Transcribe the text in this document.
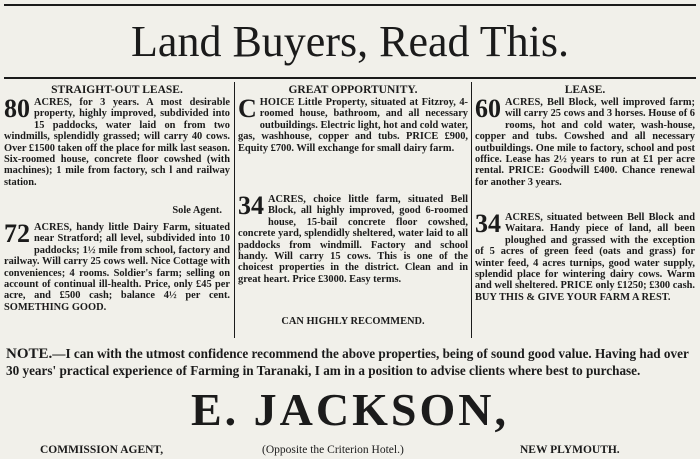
Land Buyers, Read This.
STRAIGHT-OUT LEASE.
80 ACRES, for 3 years. A most desirable property, highly improved, subdivided into 15 paddocks, water laid on from two windmills, splendidly grassed; will carry 40 cows. Over £1500 taken off the place for milk last season. Six-roomed house, concrete floor cowshed (with machines); 1 mile from factory, sch l and railway station.
Sole Agent.
72 ACRES, handy little Dairy Farm, situated near Stratford; all level, subdivided into 10 paddocks; 1½ mile from school, factory and railway. Will carry 25 cows well. Nice Cottage with conveniences; 4 rooms. Soldier's farm; selling on account of continual ill-health. Price, only £45 per acre, and £500 cash; balance 4½ per cent. SOMETHING GOOD.
GREAT OPPORTUNITY.
C HOICE Little Property, situated at Fitzroy, 4-roomed house, bathroom, and all necessary outbuildings. Electric light, hot and cold water, gas, washhouse, copper and tubs. PRICE £900, Equity £700. Will exchange for small dairy farm.
34 ACRES, choice little farm, situated Bell Block, all highly improved, good 6-roomed house, 15-bail concrete floor cowshed, concrete yard, splendidly sheltered, water laid to all paddocks from windmill. Factory and school handy. Will carry 15 cows. This is one of the choicest properties in the district. Clean and in great heart. Price £3000. Easy terms.
CAN HIGHLY RECOMMEND.
LEASE.
60 ACRES, Bell Block, well improved farm; will carry 25 cows and 3 horses. House of 6 rooms, hot and cold water, wash-house, copper and tubs. Cowshed and all necessary outbuildings. One mile to factory, school and post office. Lease has 2½ years to run at £1 per acre rental. PRICE: Goodwill £400. Chance renewal for another 3 years.
34 ACRES, situated between Bell Block and Waitara. Handy piece of land, all been ploughed and grassed with the exception of 5 acres of green feed (oats and grass) for winter feed, 4 acres turnips, good water supply, splendid place for wintering dairy cows. Warm and well sheltered. PRICE only £1250; £300 cash. BUY THIS & GIVE YOUR FARM A REST.
NOTE.—I can with the utmost confidence recommend the above properties, being of sound good value. Having had over 30 years' practical experience of Farming in Taranaki, I am in a position to advise clients where best to purchase.
E. JACKSON,
COMMISSION AGENT,	(Opposite the Criterion Hotel.)	NEW PLYMOUTH.
